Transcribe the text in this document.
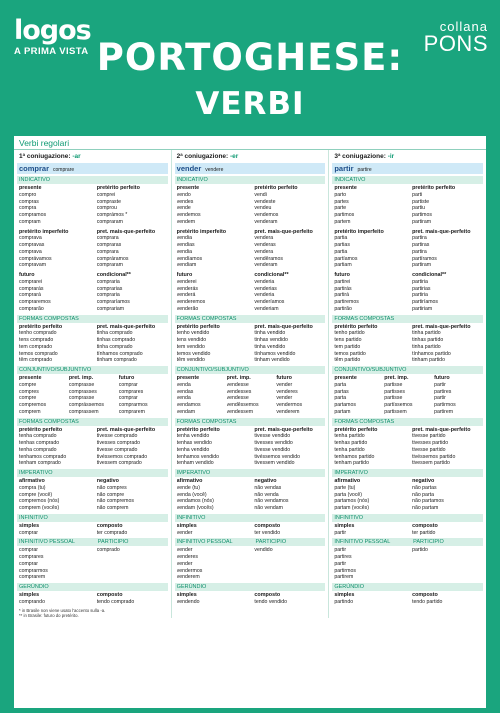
logos
A PRIMA VISTA PORTOGHESE:
VERBI
collana
PONS
Verbi regolari
1ª coniugazione: -ar
comprar comprare
INDICATIVO
presente	pretérito perfeito
compro	comprei
compras	compraste
compra	comprou
compramos	comprámos *
compram	compraram
pretérito imperfeito	pret. mais-que-perfeito
comprava	comprara
compravas	compraras
comprava	comprara
comprávamos	compráramos
compravam	compraram
futuro	condicional**
comprarei	compraria
comprarás	comprarias
comprará	compraria
compraremos	compraríamos
comprarão	comprariam
FORMAS COMPOSTAS
pretérito perfeito	pret. mais-que-perfeito
tenho comprado	tinha comprado
tens comprado	tinhas comprado
tem comprado	tinha comprado
temos comprado	tínhamos comprado
têm comprado	tinham comprado
CONJUNTIVO/SUBJUNTIVO
presente	pret. imp.	futuro
compre	comprasse	comprar
compres	comprasses	comprares
compre	comprasse	comprar
compremos	comprássemos	comprarmos
comprem	comprassem	comprarem
FORMAS COMPOSTAS
pretérito perfeito	pret. mais-que-perfeito
tenha comprado	tivesse comprado
tenhas comprado	tivesses comprado
tenha comprado	tivesse comprado
tenhamos comprado	tivéssemos comprado
tenham comprado	tivessem comprado
IMPERATIVO
afirmativo	negativo
compra (tu)	não compres
compre (você)	não compre
compremos (nós)	não compremos
comprem (vocês)	não comprem
INFINITIVO
simples	composto
comprar	ter comprado
INFINITIVO PESSOAL	PARTICIPIO
comprar	comprado
comprares
comprar
comprarmos
comprarem
GERÚNDIO
simples	composto
comprando	tendo comprado
* in Brasile non viene usato l'accento sulla -a.
** in Brasile: futuro do pretérito.
2ª coniugazione: -er
vender vendere
INDICATIVO
presente	pretérito perfeito
vendo	vendi
vendes	vendeste
vende	vendeu
vendemos	vendemos
vendem	venderam
pretérito imperfeito	pret. mais-que-perfeito
vendia	vendera
vendias	venderas
vendia	vendera
vendíamos	vendêramos
vendiam	venderam
futuro	condicional**
venderei	venderia
venderás	venderias
venderá	venderia
venderemos	venderíamos
venderão	venderiam
FORMAS COMPOSTAS
pretérito perfeito	pret. mais-que-perfeito
tenho vendido	tinha vendido
tens vendido	tinhas vendido
tem vendido	tinha vendido
temos vendido	tínhamos vendido
têm vendido	tinham vendido
CONJUNTIVO/SUBJUNTIVO
presente	pret. imp.	futuro
venda	vendesse	vender
vendas	vendesses	venderes
venda	vendesse	vender
vendamos	vendêssemos	vendermos
vendam	vendessem	venderem
FORMAS COMPOSTAS
pretérito perfeito	pret. mais-que-perfeito
tenha vendido	tivesse vendido
tenhas vendido	tivesses vendido
tenha vendido	tivesse vendido
tenhamos vendido	tivéssemos vendido
tenham vendido	tivessem vendido
IMPERATIVO
afirmativo	negativo
vende (tu)	não vendas
venda (você)	não venda
vendamos (nós)	não vendamos
vendam (vocês)	não vendam
INFINITIVO
simples	composto
vender	ter vendido
INFINITIVO PESSOAL	PARTICIPIO
vender	vendido
venderes
vender
vendermos
venderem
GERÚNDIO
simples	composto
vendendo	tendo vendido
3ª coniugazione: -ir
partir partire
INDICATIVO
presente	pretérito perfeito
parto	parti
partes	partiste
parte	partiu
partimos	partimos
partem	partiram
pretérito imperfeito	pret. mais-que-perfeito
partia	partira
partias	partiras
partia	partira
partíamos	partíramos
partiam	partiram
futuro	condicional**
partirei	partiria
partirás	partirias
partirá	partiria
partiremos	partiríamos
partirão	partiriam
FORMAS COMPOSTAS
pretérito perfeito	pret. mais-que-perfeito
tenho partido	tinha partido
tens partido	tinhas partido
tem partido	tinha partido
temos partido	tínhamos partido
têm partido	tinham partido
CONJUNTIVO/SUBJUNTIVO
presente	pret. imp.	futuro
parta	partisse	partir
partas	partisses	partires
parta	partisse	partir
partamos	partíssemos	partirmos
partam	partissem	partirem
FORMAS COMPOSTAS
pretérito perfeito	pret. mais-que-perfeito
tenha partido	tivesse partido
tenhas partido	tivesses partido
tenha partido	tivesse partido
tenhamos partido	tivéssemos partido
tenham partido	tivessem partido
IMPERATIVO
afirmativo	negativo
parte (tu)	não partas
parta (você)	não parta
partamos (nós)	não partamos
partam (vocês)	não partam
INFINITIVO
simples	composto
partir	ter partido
INFINITIVO PESSOAL	PARTICIPIO
partir	partido
partires
partir
partirmos
partirem
GERÚNDIO
simples	composto
partindo	tendo partido
